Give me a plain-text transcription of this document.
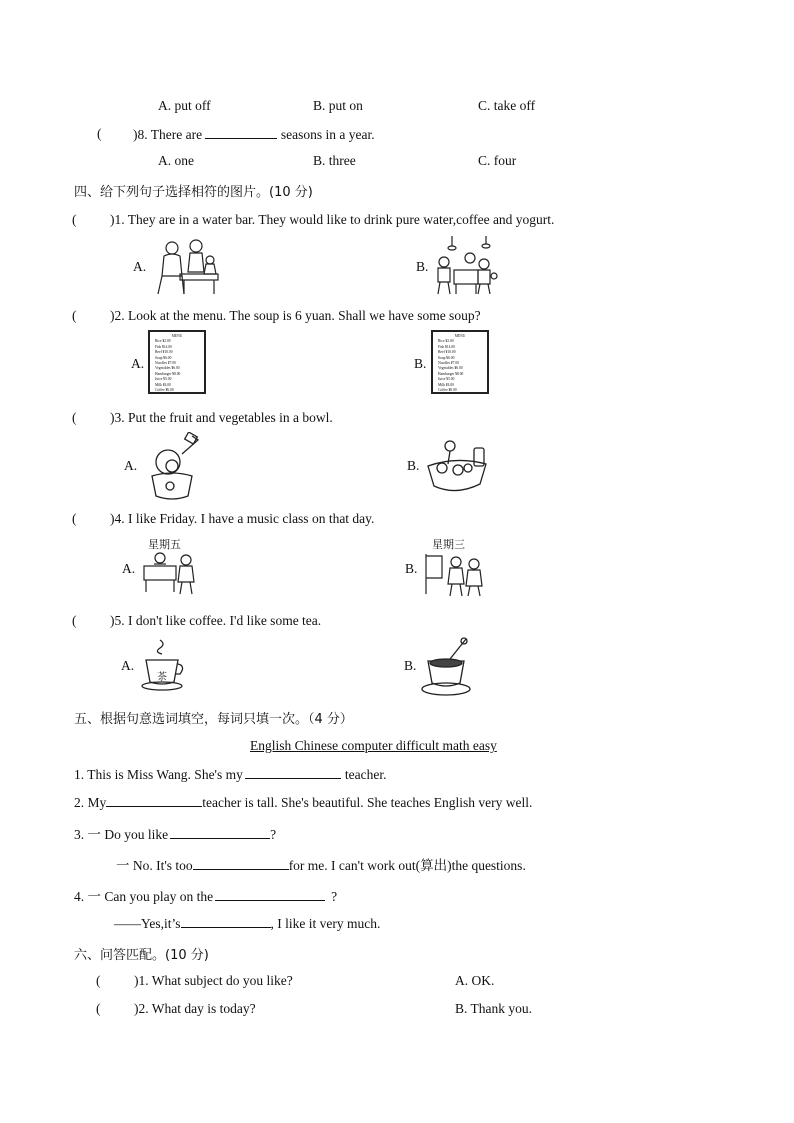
A. put off	B. put on	C. take off
( )8. There are	seasons in a year.
A. one	B. three	C. four
四、给下列句子选择相符的图片。(10 分)
( )1. They are in a water bar. They would like to drink pure water,coffee and yogurt.
A.	B.
( )2. Look at the menu. The soup is 6 yuan. Shall we have some soup?
A.
MENU
Rice ¥2.00
Fish ¥14.00
Beef ¥10.00
Soup ¥6.00
Noodles ¥7.00
Vegetables ¥6.00
Hamburger ¥8.00
Juice ¥5.00
Milk ¥4.00
Coffee ¥6.00
B.
MENU
Rice ¥2.00
Fish ¥14.00
Beef ¥10.00
Soup ¥6.00
Noodles ¥7.00
Vegetables ¥6.00
Hamburger ¥8.00
Juice ¥5.00
Milk ¥4.00
Coffee ¥6.00
( )3. Put the fruit and vegetables in a bowl.
A.	B.
( )4. I like Friday. I have a music class on that day.
A.
星期五
B.
星期三
( )5. I don't like coffee. I'd like some tea.
A.
茶
B.
五、根据句意选词填空，每词只填一次。（4 分）
English Chinese computer difficult math easy
1. This is Miss Wang. She's my	teacher.
2. My	teacher is tall. She's beautiful. She teaches English very well.
3. 一 Do you like	?
一 No. It's too	for me. I can't work out(算出)the questions.
4. 一 Can you play on the	?
——Yes,it’s	, I like it very much.
六、问答匹配。(10 分)
( )1. What subject do you like?	A. OK.
( )2. What day is today?	B. Thank you.
